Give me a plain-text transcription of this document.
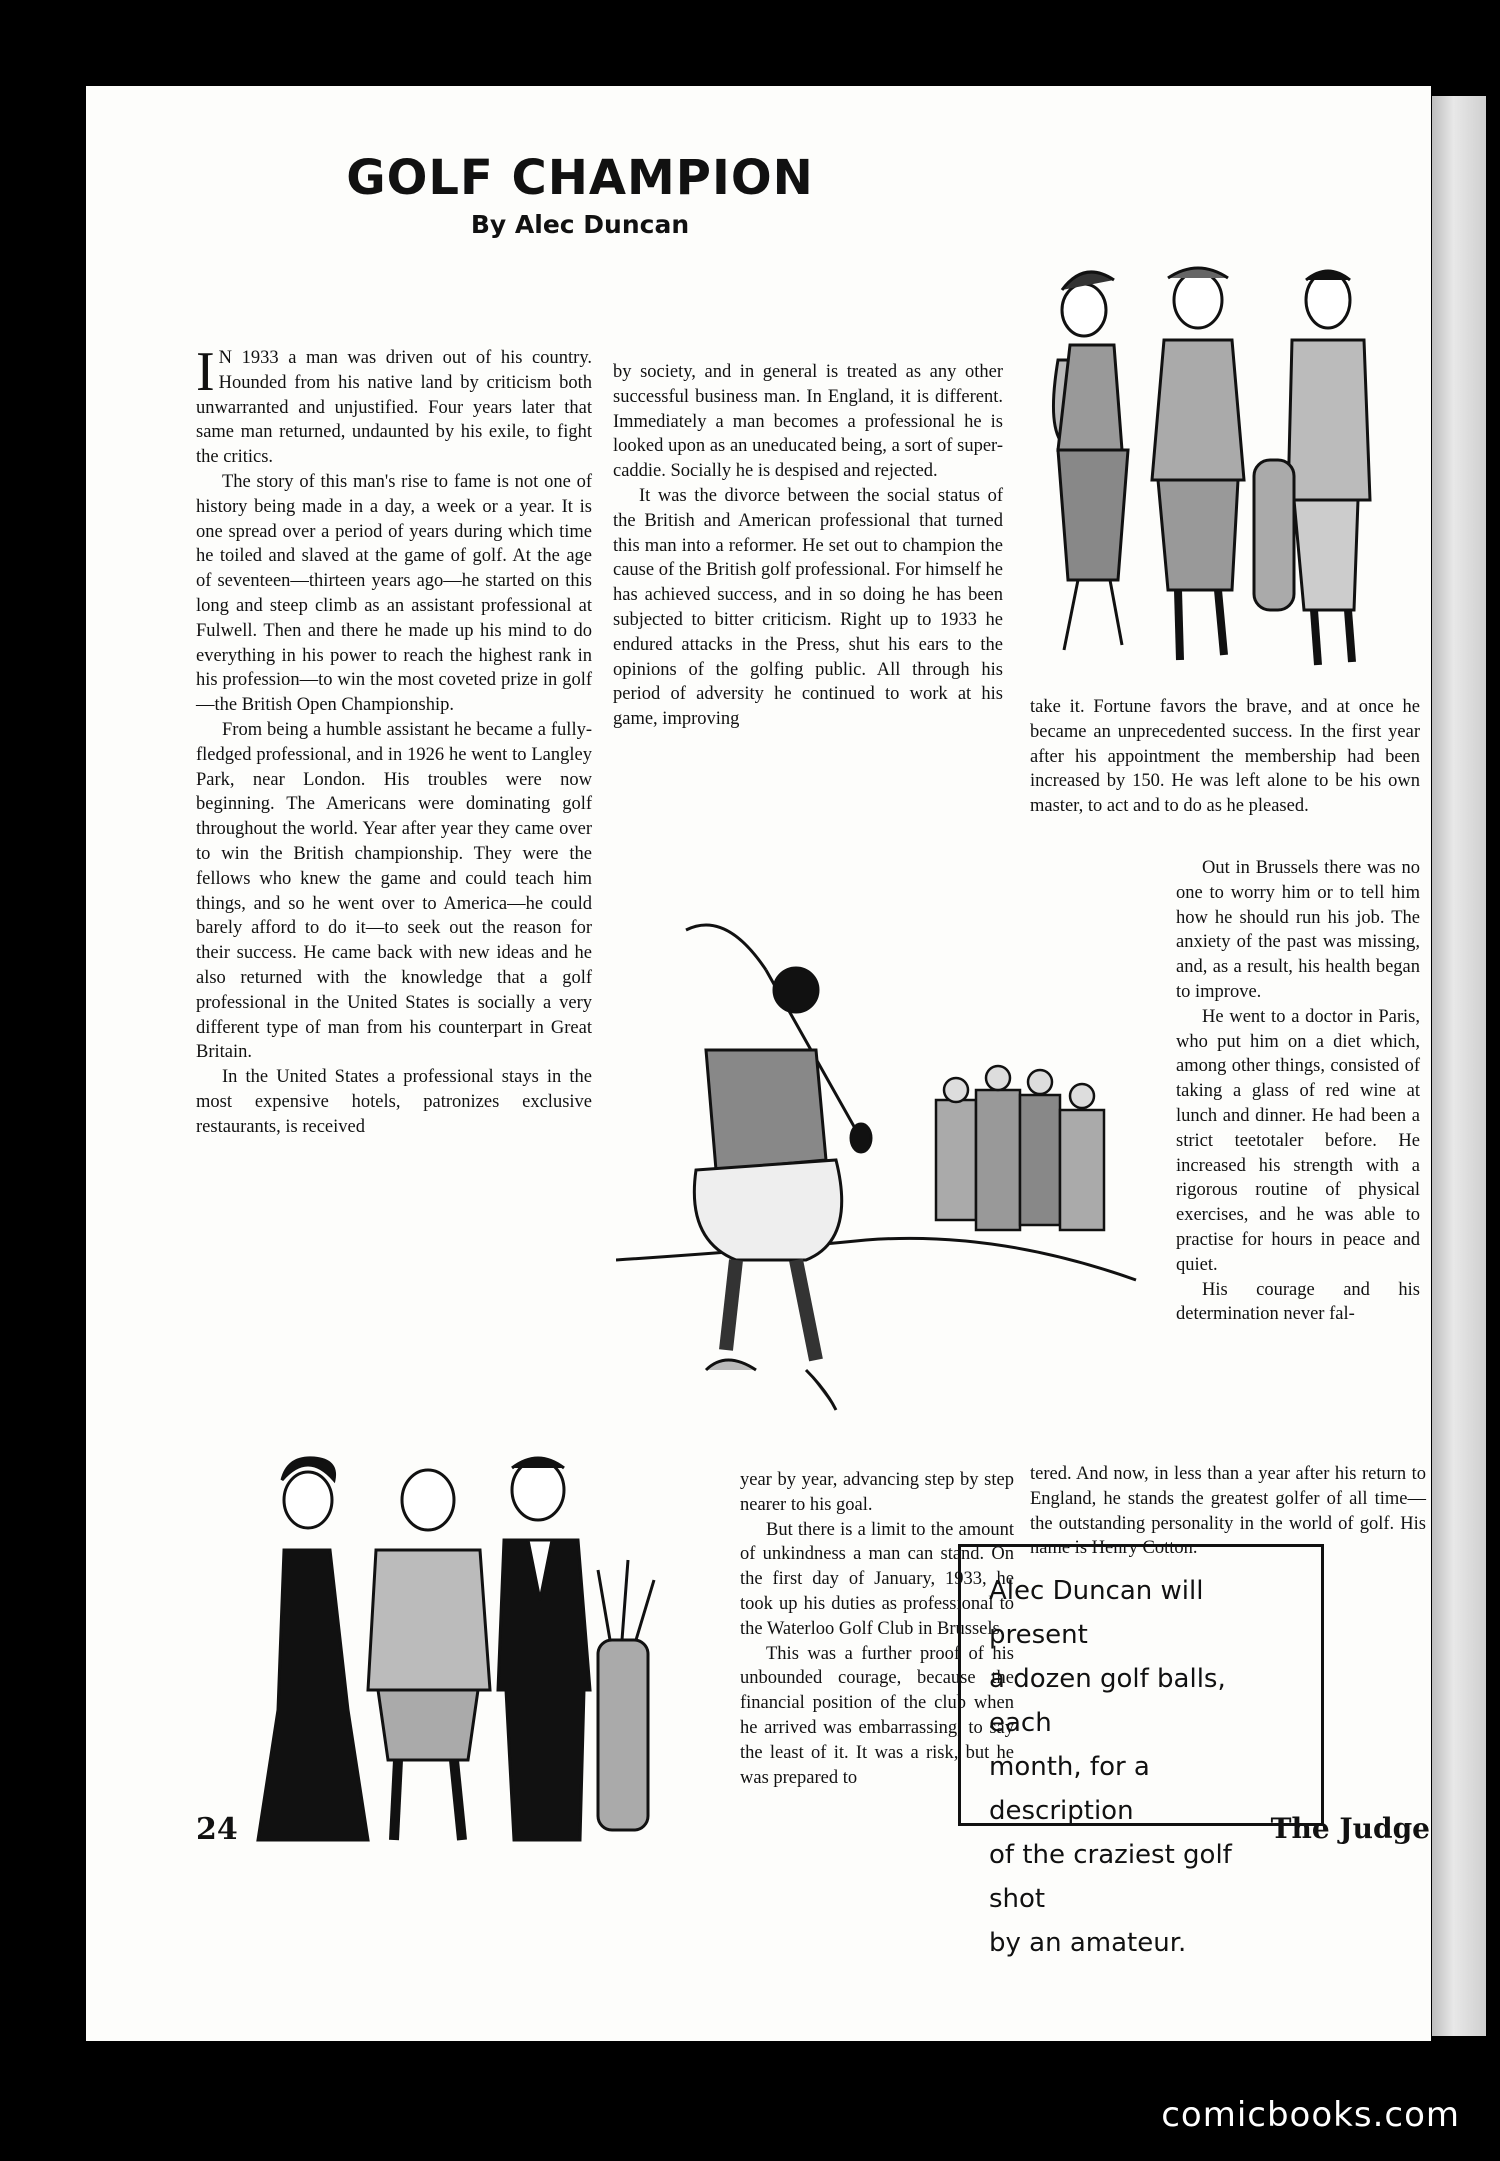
GOLF CHAMPION
By Alec Duncan

I N 1933 a man was driven out of his country. Hounded from his native land by criticism both unwarranted and unjustified. Four years later that same man returned, undaunted by his exile, to fight the critics.

The story of this man's rise to fame is not one of history being made in a day, a week or a year. It is one spread over a period of years during which time he toiled and slaved at the game of golf. At the age of seventeen—thirteen years ago—he started on this long and steep climb as an assistant professional at Fulwell. Then and there he made up his mind to do everything in his power to reach the highest rank in his profession—to win the most coveted prize in golf—the British Open Championship.

From being a humble assistant he became a fully-fledged professional, and in 1926 he went to Langley Park, near London. His troubles were now beginning. The Americans were dominating golf throughout the world. Year after year they came over to win the British championship. They were the fellows who knew the game and could teach him things, and so he went over to America—he could barely afford to do it—to seek out the reason for their success. He came back with new ideas and he also returned with the knowledge that a golf professional in the United States is socially a very different type of man from his counterpart in Great Britain.

In the United States a professional stays in the most expensive hotels, patronizes exclusive restaurants, is received

by society, and in general is treated as any other successful business man. In England, it is different. Immediately a man becomes a professional he is looked upon as an uneducated being, a sort of super-caddie. Socially he is despised and rejected.

It was the divorce between the social status of the British and American professional that turned this man into a reformer. He set out to champion the cause of the British golf professional. For himself he has achieved success, and in so doing he has been subjected to bitter criticism. Right up to 1933 he endured attacks in the Press, shut his ears to the opinions of the golfing public. All through his period of adversity he continued to work at his game, improving

year by year, advancing step by step nearer to his goal.

But there is a limit to the amount of unkindness a man can stand. On the first day of January, 1933, he took up his duties as professional to the Waterloo Golf Club in Brussels.

This was a further proof of his unbounded courage, because the financial position of the club when he arrived was embarrassing, to say the least of it. It was a risk, but he was prepared to

take it. Fortune favors the brave, and at once he became an unprecedented success. In the first year after his appointment the membership had been increased by 150. He was left alone to be his own master, to act and to do as he pleased.

Out in Brussels there was no one to worry him or to tell him how he should run his job. The anxiety of the past was missing, and, as a result, his health began to improve.

He went to a doctor in Paris, who put him on a diet which, among other things, consisted of taking a glass of red wine at lunch and dinner. He had been a strict teetotaler before. He increased his strength with a rigorous routine of physical exercises, and he was able to practise for hours in peace and quiet.

His courage and his determination never fal-

tered. And now, in less than a year after his return to England, he stands the greatest golfer of all time—the outstanding personality in the world of golf. His name is Henry Cotton.

Alec Duncan will present
a dozen golf balls, each
month, for a description
of the craziest golf shot
by an amateur.
24	The Judge
comicbooks.com
